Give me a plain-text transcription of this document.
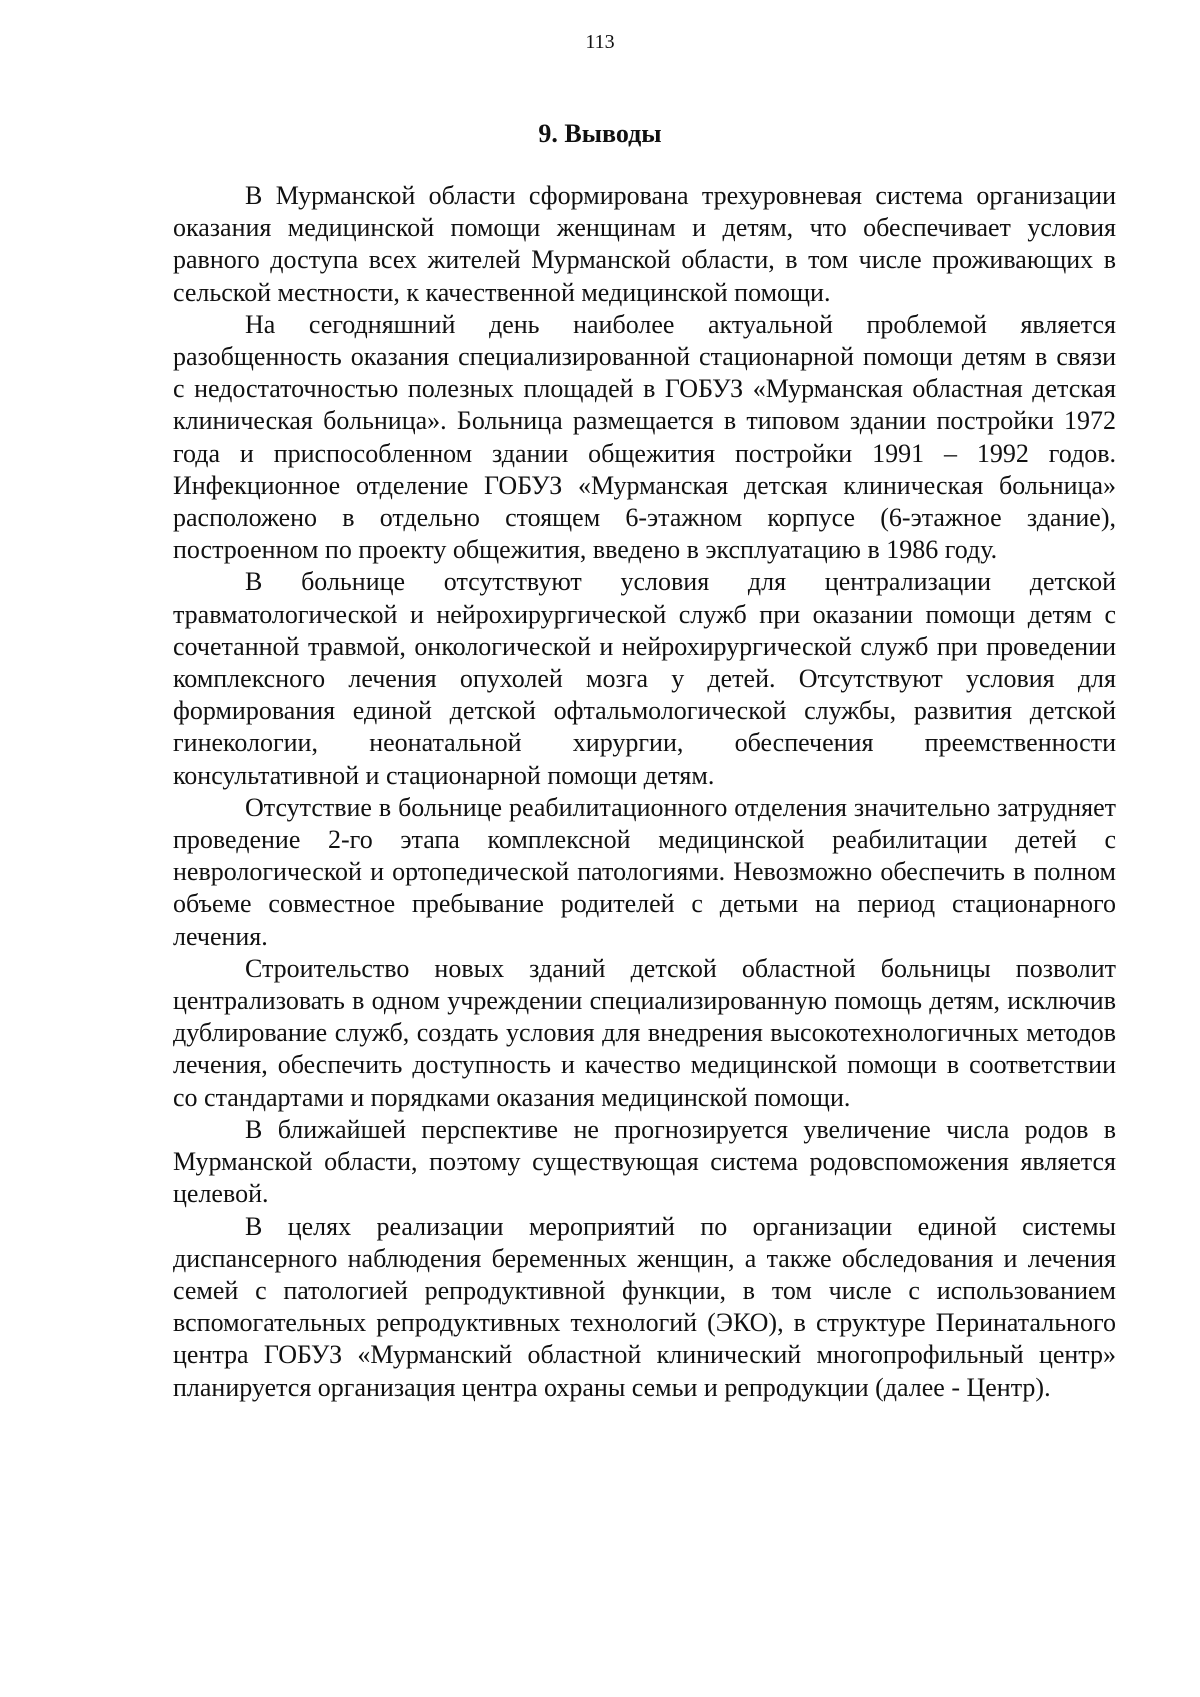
113
9. Выводы

В Мурманской области сформирована трехуровневая система организации оказания медицинской помощи женщинам и детям, что обеспечивает условия равного доступа всех жителей Мурманской области, в том числе проживающих в сельской местности, к качественной медицинской помощи.

На сегодняшний день наиболее актуальной проблемой является разобщенность оказания специализированной стационарной помощи детям в связи с недостаточностью полезных площадей в ГОБУЗ «Мурманская областная детская клиническая больница». Больница размещается в типовом здании постройки 1972 года и приспособленном здании общежития постройки 1991 – 1992 годов. Инфекционное отделение ГОБУЗ «Мурманская детская клиническая больница» расположено в отдельно стоящем 6-этажном корпусе (6-этажное здание), построенном по проекту общежития, введено в эксплуатацию в 1986 году.

В больнице отсутствуют условия для централизации детской травматологической и нейрохирургической служб при оказании помощи детям с сочетанной травмой, онкологической и нейрохирургической служб при проведении комплексного лечения опухолей мозга у детей. Отсутствуют условия для формирования единой детской офтальмологической службы, развития детской гинекологии, неонатальной хирургии, обеспечения преемственности консультативной и стационарной помощи детям.

Отсутствие в больнице реабилитационного отделения значительно затрудняет проведение 2-го этапа комплексной медицинской реабилитации детей с неврологической и ортопедической патологиями. Невозможно обеспечить в полном объеме совместное пребывание родителей с детьми на период стационарного лечения.

Строительство новых зданий детской областной больницы позволит централизовать в одном учреждении специализированную помощь детям, исключив дублирование служб, создать условия для внедрения высокотехнологичных методов лечения, обеспечить доступность и качество медицинской помощи в соответствии со стандартами и порядками оказания медицинской помощи.

В ближайшей перспективе не прогнозируется увеличение числа родов в Мурманской области, поэтому существующая система родовспоможения является целевой.

В целях реализации мероприятий по организации единой системы диспансерного наблюдения беременных женщин, а также обследования и лечения семей с патологией репродуктивной функции, в том числе с использованием вспомогательных репродуктивных технологий (ЭКО), в структуре Перинатального центра ГОБУЗ «Мурманский областной клинический многопрофильный центр» планируется организация центра охраны семьи и репродукции (далее - Центр).
